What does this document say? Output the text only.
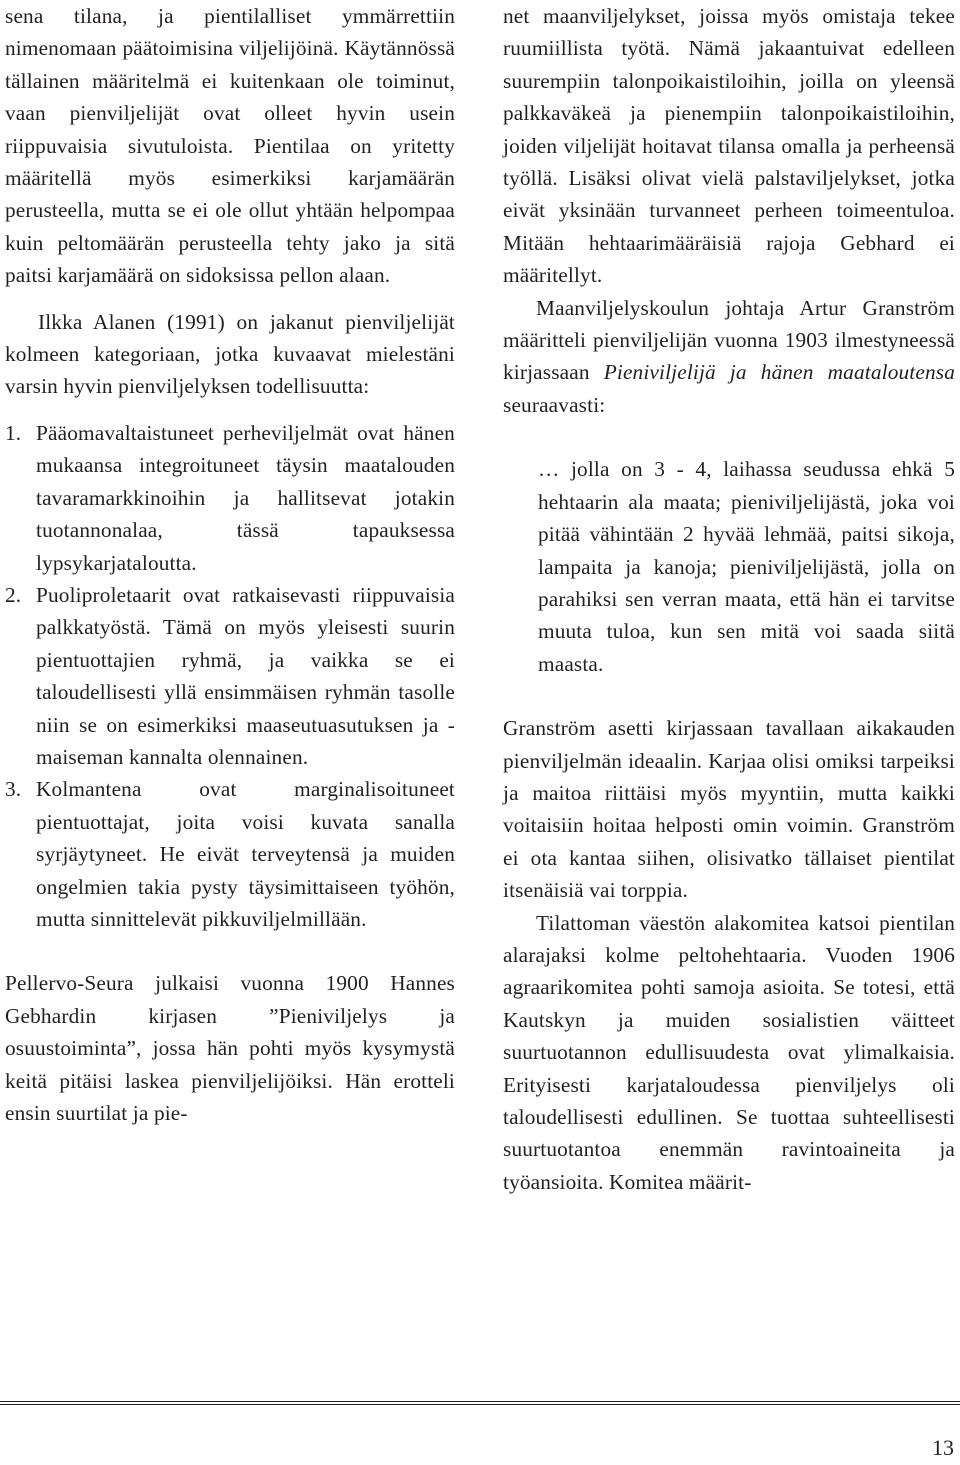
sena tilana, ja pientilalliset ymmärrettiin nimenomaan päätoimisina viljelijöinä. Käytännössä tällainen määritelmä ei kuitenkaan ole toiminut, vaan pienviljelijät ovat olleet hyvin usein riippuvaisia sivutuloista. Pientilaa on yritetty määritellä myös esimerkiksi karjamäärän perusteella, mutta se ei ole ollut yhtään helpompaa kuin peltomäärän perusteella tehty jako ja sitä paitsi karjamäärä on sidoksissa pellon alaan.

Ilkka Alanen (1991) on jakanut pienviljelijät kolmeen kategoriaan, jotka kuvaavat mielestäni varsin hyvin pienviljelyksen todellisuutta:

1. Pääomavaltaistuneet perheviljelmät ovat hänen mukaansa integroituneet täysin maatalouden tavaramarkkinoihin ja hallitsevat jotakin tuotannonalaa, tässä tapauksessa lypsykarjataloutta.
2. Puoliproletaarit ovat ratkaisevasti riippuvaisia palkkatyöstä. Tämä on myös yleisesti suurin pientuottajien ryhmä, ja vaikka se ei taloudellisesti yllä ensimmäisen ryhmän tasolle niin se on esimerkiksi maaseutuasutuksen ja -maiseman kannalta olennainen.
3. Kolmantena ovat marginalisoituneet pientuottajat, joita voisi kuvata sanalla syrjäytyneet. He eivät terveytensä ja muiden ongelmien takia pysty täysimittaiseen työhön, mutta sinnittelevät pikkuviljelmillään.

Pellervo-Seura julkaisi vuonna 1900 Hannes Gebhardin kirjasen ”Pieniviljelys ja osuustoiminta”, jossa hän pohti myös kysymystä keitä pitäisi laskea pienviljelijöiksi. Hän erotteli ensin suurtilat ja pie-

net maanviljelykset, joissa myös omistaja tekee ruumiillista työtä. Nämä jakaantuivat edelleen suurempiin talonpoikaistiloihin, joilla on yleensä palkkaväkeä ja pienempiin talonpoikaistiloihin, joiden viljelijät hoitavat tilansa omalla ja perheensä työllä. Lisäksi olivat vielä palstaviljelykset, jotka eivät yksinään turvanneet perheen toimeentuloa. Mitään hehtaarimääräisiä rajoja Gebhard ei määritellyt.

Maanviljelyskoulun johtaja Artur Granström määritteli pienviljelijän vuonna 1903 ilmestyneessä kirjassaan Pieniviljelijä ja hänen maataloutensa seuraavasti:

… jolla on 3 - 4, laihassa seudussa ehkä 5 hehtaarin ala maata; pieniviljelijästä, joka voi pitää vähintään 2 hyvää lehmää, paitsi sikoja, lampaita ja kanoja; pieniviljelijästä, jolla on parahiksi sen verran maata, että hän ei tarvitse muuta tuloa, kun sen mitä voi saada siitä maasta.

Granström asetti kirjassaan tavallaan aikakauden pienviljelmän ideaalin. Karjaa olisi omiksi tarpeiksi ja maitoa riittäisi myös myyntiin, mutta kaikki voitaisiin hoitaa helposti omin voimin. Granström ei ota kantaa siihen, olisivatko tällaiset pientilat itsenäisiä vai torppia.

Tilattoman väestön alakomitea katsoi pientilan alarajaksi kolme peltohehtaaria. Vuoden 1906 agraarikomitea pohti samoja asioita. Se totesi, että Kautskyn ja muiden sosialistien väitteet suurtuotannon edullisuudesta ovat ylimalkaisia. Erityisesti karjataloudessa pienviljelys oli taloudellisesti edullinen. Se tuottaa suhteellisesti suurtuotantoa enemmän ravintoaineita ja työansioita. Komitea määrit-

13
